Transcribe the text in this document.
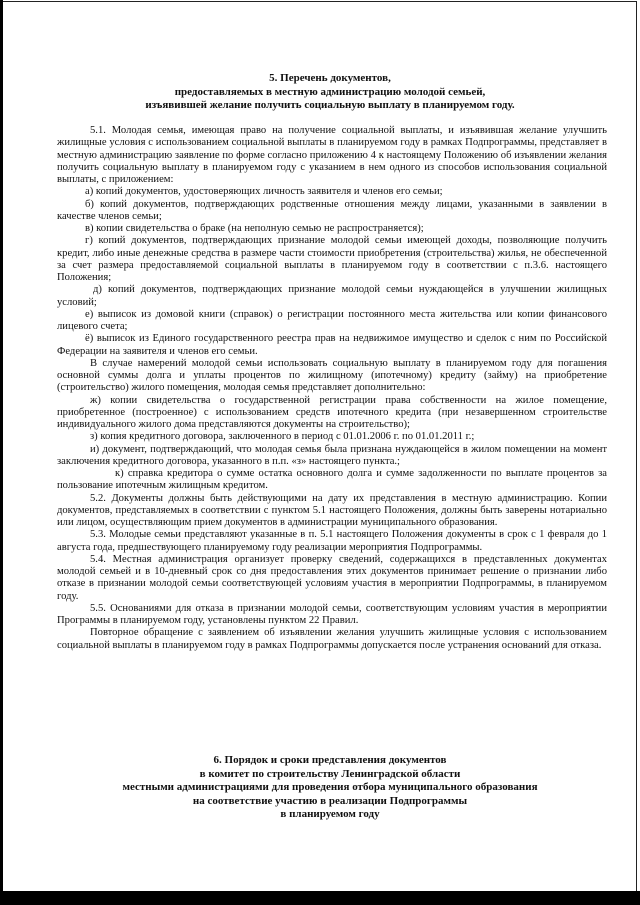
5. Перечень документов,
предоставляемых в местную администрацию молодой семьей,
изъявившей желание получить социальную выплату в планируемом году.

5.1. Молодая семья, имеющая право на получение социальной выплаты, и изъявившая желание улучшить жилищные условия с использованием социальной выплаты в планируемом году в рамках Подпрограммы, представляет в местную администрацию заявление по форме согласно приложению 4 к настоящему Положению об изъявлении желания получить социальную выплату в планируемом году с указанием в нем одного из способов использования социальной выплаты, с приложением:

а) копий документов, удостоверяющих личность заявителя и членов его семьи;

б) копий документов, подтверждающих родственные отношения между лицами, указанными в заявлении в качестве членов семьи;

в) копии свидетельства о браке (на неполную семью не распространяется);

г) копий документов, подтверждающих признание молодой семьи имеющей доходы, позволяющие получить кредит, либо иные денежные средства в размере части стоимости приобретения (строительства) жилья, не обеспеченной за счет размера предоставляемой социальной выплаты в планируемом году в соответствии с п.3.6. настоящего Положения;

д) копий документов, подтверждающих признание молодой семьи нуждающейся в улучшении жилищных условий;

е) выписок из домовой книги (справок) о регистрации постоянного места жительства или копии финансового лицевого счета;

ё) выписок из Единого государственного реестра прав на недвижимое имущество и сделок с ним по Российской Федерации на заявителя и членов его семьи.

В случае намерений молодой семьи использовать социальную выплату в планируемом году для погашения основной суммы долга и уплаты процентов по жилищному (ипотечному) кредиту (займу) на приобретение (строительство) жилого помещения, молодая семья представляет дополнительно:

ж) копии свидетельства о государственной регистрации права собственности на жилое помещение, приобретенное (построенное) с использованием средств ипотечного кредита (при незавершенном строительстве индивидуального жилого дома представляются документы на строительство);

з) копия кредитного договора, заключенного в период с 01.01.2006 г. по 01.01.2011 г.;

и) документ, подтверждающий, что молодая семья была признана нуждающейся в жилом помещении на момент заключения кредитного договора, указанного в п.п. «з» настоящего пункта.;

к) справка кредитора о сумме остатка основного долга и сумме задолженности по выплате процентов за пользование ипотечным жилищным кредитом.

5.2. Документы должны быть действующими на дату их представления в местную администрацию. Копии документов, представляемых в соответствии с пунктом 5.1 настоящего Положения, должны быть заверены нотариально или лицом, осуществляющим прием документов в администрации муниципального образования.

5.3. Молодые семьи представляют указанные в п. 5.1 настоящего Положения документы в срок с 1 февраля до 1 августа года, предшествующего планируемому году реализации мероприятия Подпрограммы.

5.4. Местная администрация организует проверку сведений, содержащихся в представленных документах молодой семьей и в 10-дневный срок со дня предоставления этих документов принимает решение о признании либо отказе в признании молодой семьи соответствующей условиям участия в мероприятии Подпрограммы, в планируемом году.

5.5. Основаниями для отказа в признании молодой семьи, соответствующим условиям участия в мероприятии Программы в планируемом году, установлены пунктом 22 Правил.

Повторное обращение с заявлением об изъявлении желания улучшить жилищные условия с использованием социальной выплаты в планируемом году в рамках Подпрограммы допускается после устранения оснований для отказа.

6. Порядок и сроки представления документов
в комитет по строительству Ленинградской области
местными администрациями для проведения отбора муниципального образования
на соответствие участию в реализации Подпрограммы
в планируемом году
